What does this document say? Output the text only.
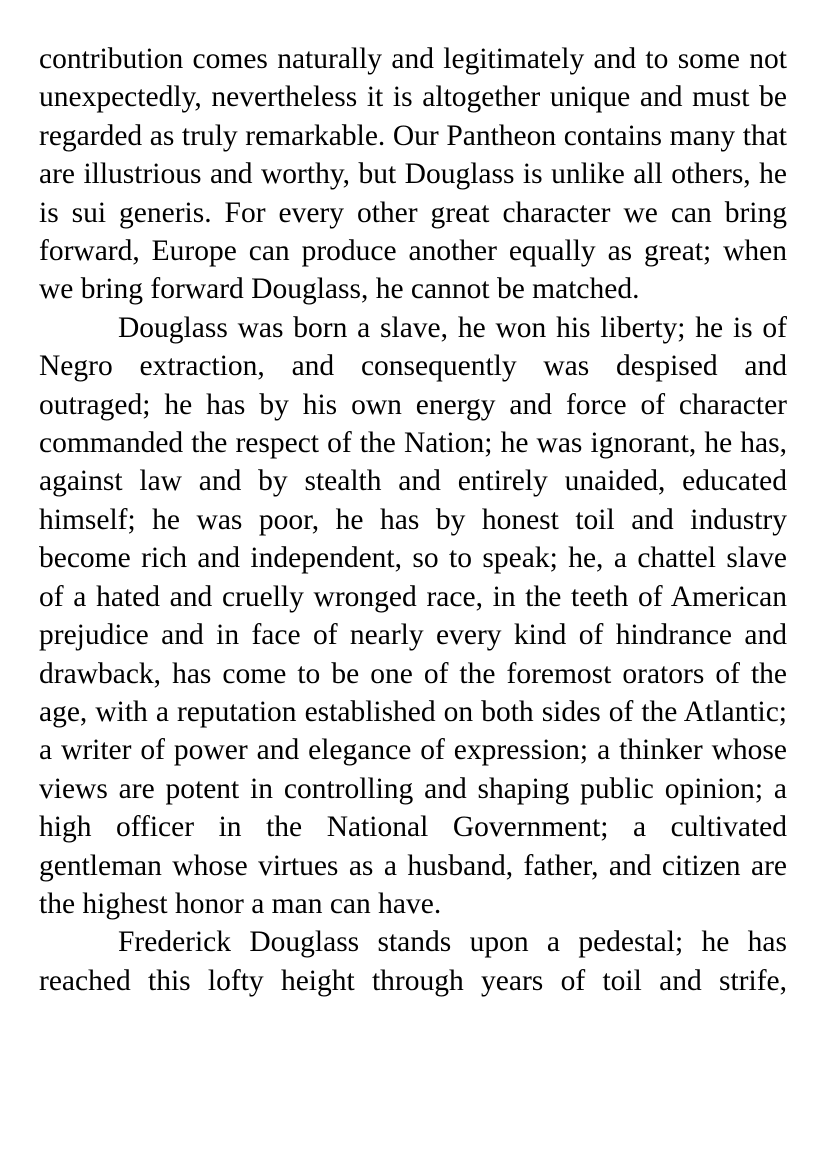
contribution comes naturally and legitimately and to some not unexpectedly, nevertheless it is altogether unique and must be regarded as truly remarkable. Our Pantheon contains many that are illustrious and worthy, but Douglass is unlike all others, he is sui generis. For every other great character we can bring forward, Europe can produce another equally as great; when we bring forward Douglass, he cannot be matched.

Douglass was born a slave, he won his liberty; he is of Negro extraction, and consequently was despised and outraged; he has by his own energy and force of character commanded the respect of the Nation; he was ignorant, he has, against law and by stealth and entirely unaided, educated himself; he was poor, he has by honest toil and industry become rich and independent, so to speak; he, a chattel slave of a hated and cruelly wronged race, in the teeth of American prejudice and in face of nearly every kind of hindrance and drawback, has come to be one of the foremost orators of the age, with a reputation established on both sides of the Atlantic; a writer of power and elegance of expression; a thinker whose views are potent in controlling and shaping public opinion; a high officer in the National Government; a cultivated gentleman whose virtues as a husband, father, and citizen are the highest honor a man can have.

Frederick Douglass stands upon a pedestal; he has reached this lofty height through years of toil and strife,
